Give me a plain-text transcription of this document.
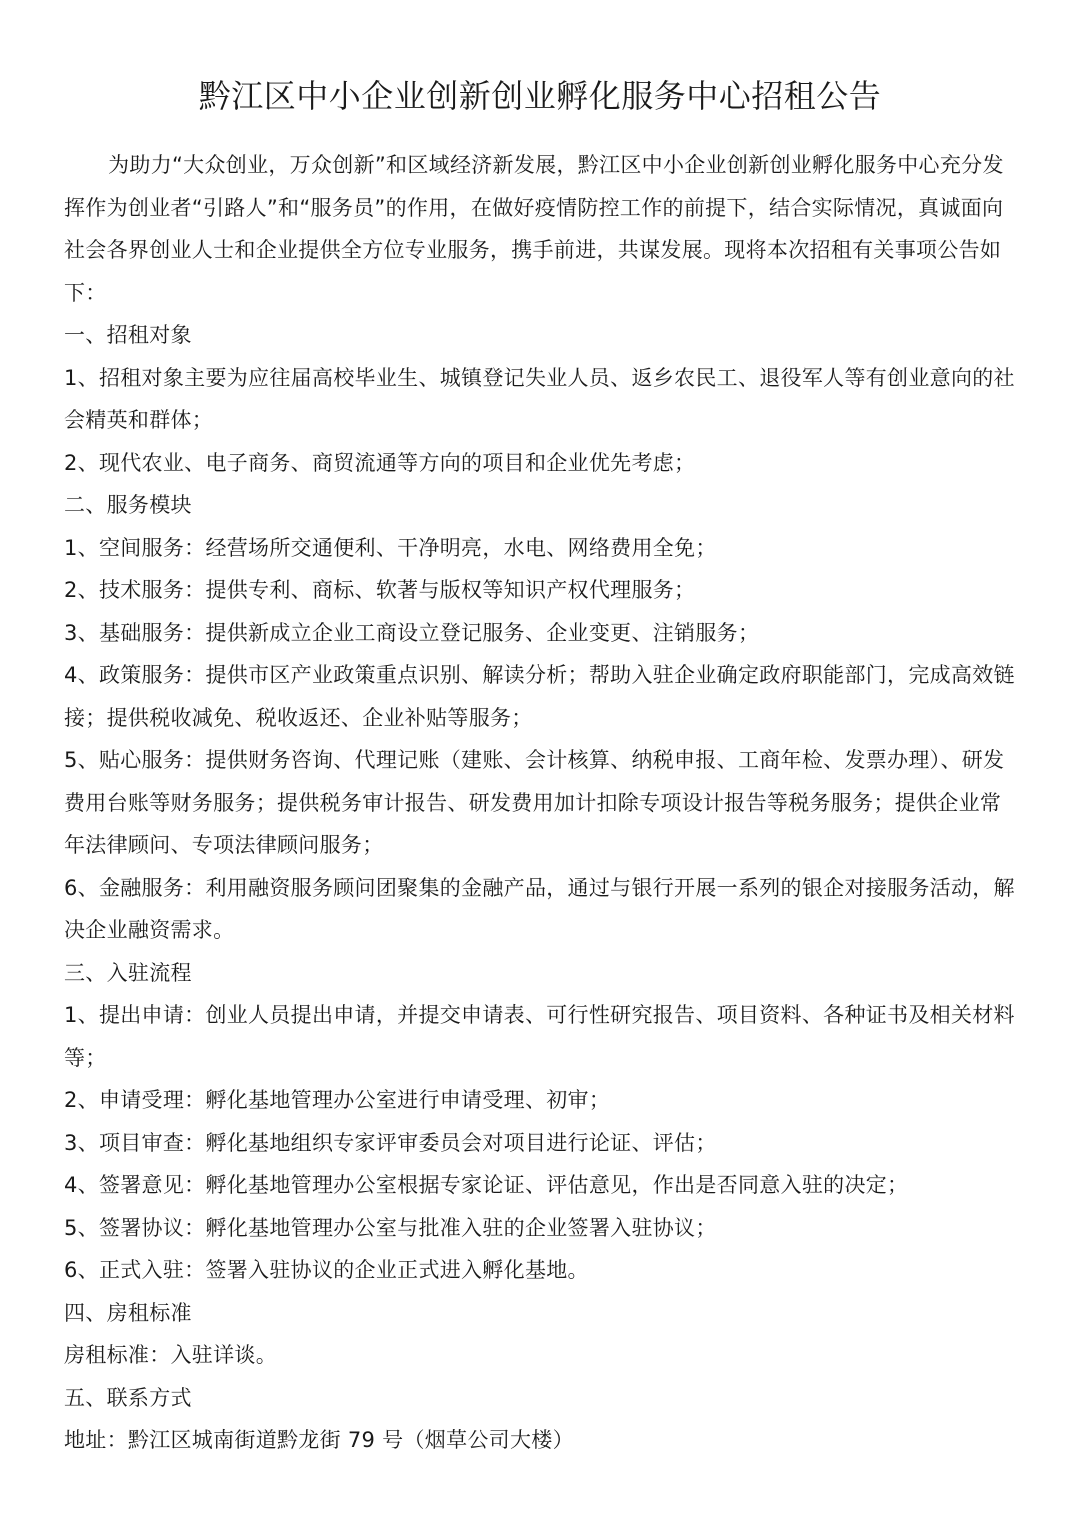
黔江区中小企业创新创业孵化服务中心招租公告

为助力“大众创业，万众创新”和区域经济新发展，黔江区中小企业创新创业孵化服务中心充分发挥作为创业者“引路人”和“服务员”的作用，在做好疫情防控工作的前提下，结合实际情况，真诚面向社会各界创业人士和企业提供全方位专业服务，携手前进，共谋发展。现将本次招租有关事项公告如下：

一、招租对象

1、招租对象主要为应往届高校毕业生、城镇登记失业人员、返乡农民工、退役军人等有创业意向的社会精英和群体；

2、现代农业、电子商务、商贸流通等方向的项目和企业优先考虑；

二、服务模块

1、空间服务：经营场所交通便利、干净明亮，水电、网络费用全免；

2、技术服务：提供专利、商标、软著与版权等知识产权代理服务；

3、基础服务：提供新成立企业工商设立登记服务、企业变更、注销服务；

4、政策服务：提供市区产业政策重点识别、解读分析；帮助入驻企业确定政府职能部门，完成高效链接；提供税收减免、税收返还、企业补贴等服务；

5、贴心服务：提供财务咨询、代理记账（建账、会计核算、纳税申报、工商年检、发票办理）、研发费用台账等财务服务；提供税务审计报告、研发费用加计扣除专项设计报告等税务服务；提供企业常年法律顾问、专项法律顾问服务；

6、金融服务：利用融资服务顾问团聚集的金融产品，通过与银行开展一系列的银企对接服务活动，解决企业融资需求。

三、入驻流程

1、提出申请：创业人员提出申请，并提交申请表、可行性研究报告、项目资料、各种证书及相关材料等；

2、申请受理：孵化基地管理办公室进行申请受理、初审；

3、项目审查：孵化基地组织专家评审委员会对项目进行论证、评估；

4、签署意见：孵化基地管理办公室根据专家论证、评估意见，作出是否同意入驻的决定；

5、签署协议：孵化基地管理办公室与批准入驻的企业签署入驻协议；

6、正式入驻：签署入驻协议的企业正式进入孵化基地。

四、房租标准

房租标准：入驻详谈。

五、联系方式

地址：黔江区城南街道黔龙街 79 号（烟草公司大楼）
